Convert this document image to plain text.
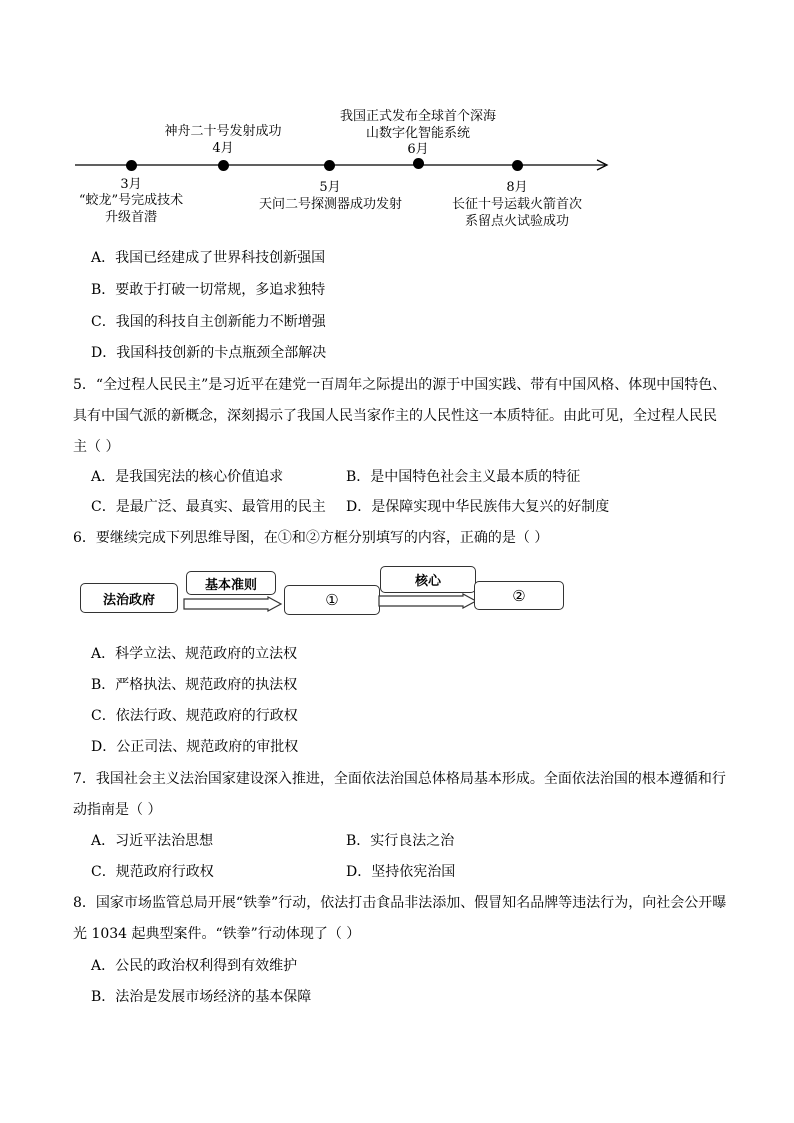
3月
“蛟龙”号完成技术
升级首潜
神舟二十号发射成功
4月
5月
天问二号探测器成功发射
我国正式发布全球首个深海
山数字化智能系统
6月
8月
长征十号运载火箭首次
系留点火试验成功
A．我国已经建成了世界科技创新强国
B．要敢于打破一切常规，多追求独特
C．我国的科技自主创新能力不断增强
D．我国科技创新的卡点瓶颈全部解决
5．“全过程人民民主”是习近平在建党一百周年之际提出的源于中国实践、带有中国风格、体现中国特色、
具有中国气派的新概念，深刻揭示了我国人民当家作主的人民性这一本质特征。由此可见，全过程人民民
主（ ）
A．是我国宪法的核心价值追求	B．是中国特色社会主义最本质的特征
C．是最广泛、最真实、最管用的民主 D．是保障实现中华民族伟大复兴的好制度
6．要继续完成下列思维导图，在①和②方框分别填写的内容，正确的是（ ）
法治政府
基本准则
①
核心
②
A．科学立法、规范政府的立法权
B．严格执法、规范政府的执法权
C．依法行政、规范政府的行政权
D．公正司法、规范政府的审批权
7．我国社会主义法治国家建设深入推进，全面依法治国总体格局基本形成。全面依法治国的根本遵循和行
动指南是（ ）
A．习近平法治思想	B．实行良法之治
C．规范政府行政权	D．坚持依宪治国
8．国家市场监管总局开展“铁拳”行动，依法打击食品非法添加、假冒知名品牌等违法行为，向社会公开曝
光 1034 起典型案件。“铁拳”行动体现了（ ）
A．公民的政治权利得到有效维护
B．法治是发展市场经济的基本保障
